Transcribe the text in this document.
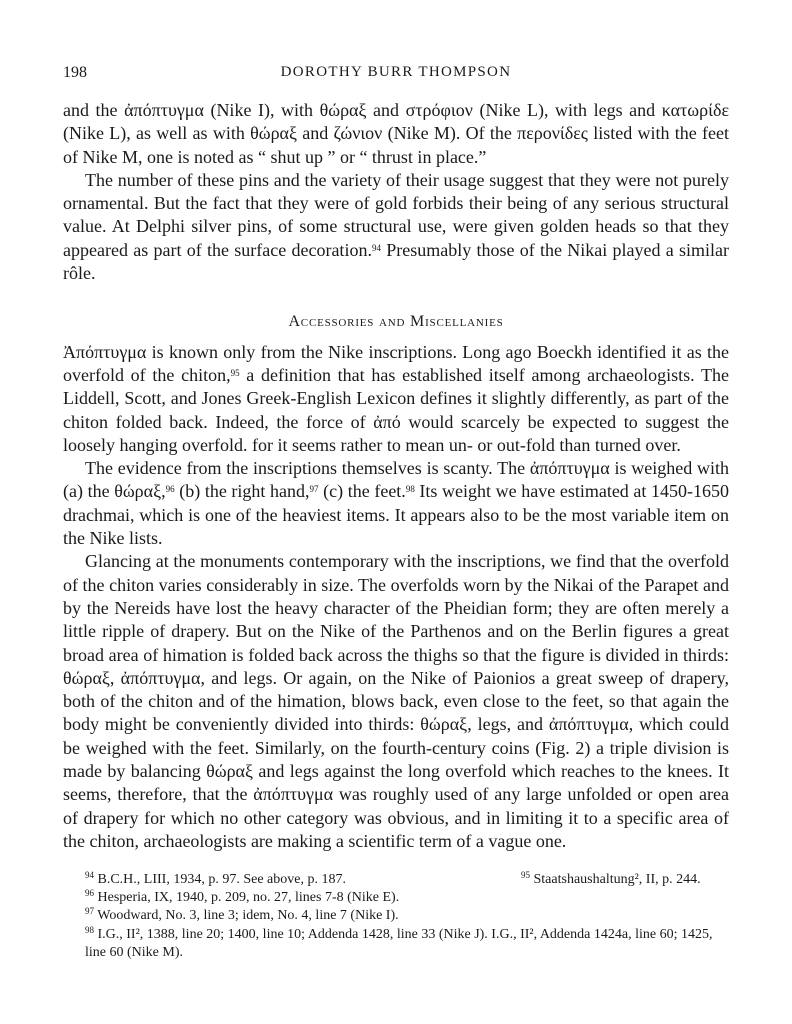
198	DOROTHY BURR THOMPSON

and the ἀπόπτυγμα (Nike I), with θώραξ and στρόφιον (Nike L), with legs and κατωρίδε (Nike L), as well as with θώραξ and ζώνιον (Nike M). Of the περονίδες listed with the feet of Nike M, one is noted as “ shut up ” or “ thrust in place.”

The number of these pins and the variety of their usage suggest that they were not purely ornamental. But the fact that they were of gold forbids their being of any serious structural value. At Delphi silver pins, of some structural use, were given golden heads so that they appeared as part of the surface decoration.$^{94}$ Presumably those of the Nikai played a similar rôle.

Accessories and Miscellanies

Ἀπόπτυγμα is known only from the Nike inscriptions. Long ago Boeckh identified it as the overfold of the chiton,$^{95}$ a definition that has established itself among archaeologists. The Liddell, Scott, and Jones Greek-English Lexicon defines it slightly differently, as part of the chiton folded back. Indeed, the force of ἀπό would scarcely be expected to suggest the loosely hanging overfold. for it seems rather to mean un- or out-fold than turned over.

The evidence from the inscriptions themselves is scanty. The ἀπόπτυγμα is weighed with (a) the θώραξ,$^{96}$ (b) the right hand,$^{97}$ (c) the feet.$^{98}$ Its weight we have estimated at 1450-1650 drachmai, which is one of the heaviest items. It appears also to be the most variable item on the Nike lists.

Glancing at the monuments contemporary with the inscriptions, we find that the overfold of the chiton varies considerably in size. The overfolds worn by the Nikai of the Parapet and by the Nereids have lost the heavy character of the Pheidian form; they are often merely a little ripple of drapery. But on the Nike of the Parthenos and on the Berlin figures a great broad area of himation is folded back across the thighs so that the figure is divided in thirds: θώραξ, ἀπόπτυγμα, and legs. Or again, on the Nike of Paionios a great sweep of drapery, both of the chiton and of the himation, blows back, even close to the feet, so that again the body might be conveniently divided into thirds: θώραξ, legs, and ἀπόπτυγμα, which could be weighed with the feet. Similarly, on the fourth-century coins (Fig. 2) a triple division is made by balancing θώραξ and legs against the long overfold which reaches to the knees. It seems, therefore, that the ἀπόπτυγμα was roughly used of any large unfolded or open area of drapery for which no other category was obvious, and in limiting it to a specific area of the chiton, archaeologists are making a scientific term of a vague one.

$^{94}$ B.C.H., LIII, 1934, p. 97. See above, p. 187.	$^{95}$ Staatshaushaltung², II, p. 244.
$^{96}$ Hesperia, IX, 1940, p. 209, no. 27, lines 7-8 (Nike E).
$^{97}$ Woodward, No. 3, line 3; idem, No. 4, line 7 (Nike I).
$^{98}$ I.G., II², 1388, line 20; 1400, line 10; Addenda 1428, line 33 (Nike J). I.G., II², Addenda 1424a, line 60; 1425, line 60 (Nike M).
